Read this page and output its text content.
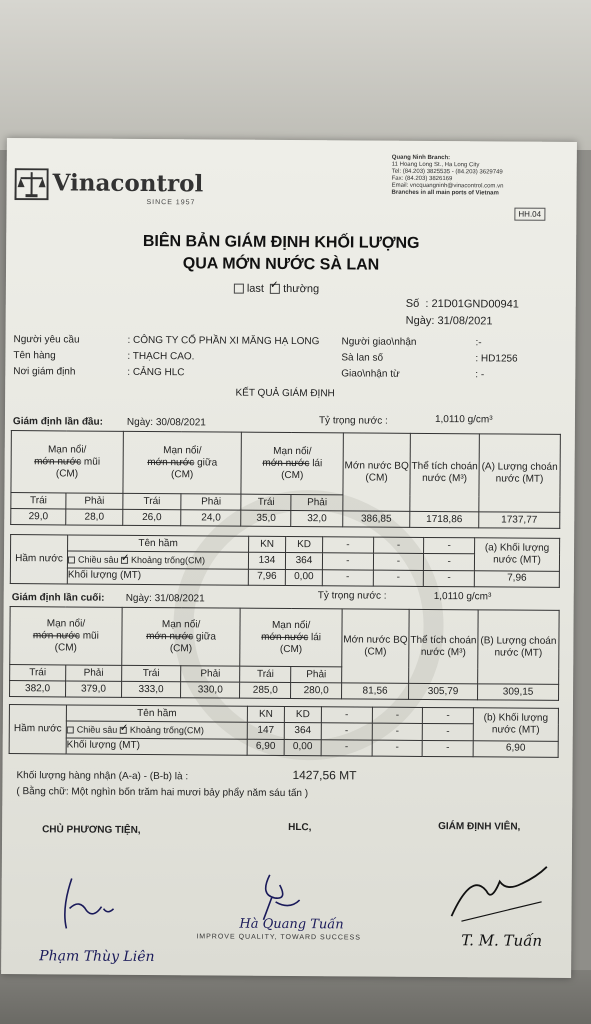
Vinacontrol
SINCE 1957
Quang Ninh Branch:
11 Hoang Long St., Ha Long City
Tel: (84.203) 3825535 - (84.203) 3629749
Fax: (84.203) 3826169
Email: vncquangninh@vinacontrol.com.vn
Branches in all main ports of Vietnam
HH.04
BIÊN BẢN GIÁM ĐỊNH KHỐI LƯỢNG
QUA MỚN NƯỚC SÀ LAN
last ✓ thường
Số  : 21D01GND00941
Ngày: 31/08/2021
Người yêu cầu	: CÔNG TY CỔ PHẦN XI MĂNG HẠ LONG
Tên hàng	: THẠCH CAO.
Nơi giám định	: CẢNG HLC
Người giao\nhận	:-
Sà lan số	: HD1256
Giao\nhận từ	: -
KẾT QUẢ GIÁM ĐỊNH
Giám định lần đầu: Ngày: 30/08/2021	Tỷ trọng nước :	1,0110 g/cm³
Mạn nổi/
mớn nước mũi
(CM)		Mạn nổi/
mớn nước giữa
(CM)		Mạn nổi/
mớn nước lái
(CM)		Mớn nước BQ (CM)	Thể tích choán nước (M³)	(A) Lượng choán nước (MT)
Trái	Phải	Trái	Phải	Trái	Phải			
29,0	28,0	26,0	24,0	35,0	32,0	386,85	1718,86	1737,77
Hầm nước	Tên hầm	KN	KD	-	-	-	(a) Khối lượng nước (MT)
	Chiều sâu ✓ Khoảng trống(CM)	134	364	-	-	-	
	Khối lượng (MT)	7,96	0,00	-	-	-	7,96
Giám định lần cuối: Ngày: 31/08/2021	Tỷ trọng nước :	1,0110 g/cm³
Mạn nổi/
mớn nước mũi
(CM)		Mạn nổi/
mớn nước giữa
(CM)		Mạn nổi/
mớn nước lái
(CM)		Mớn nước BQ (CM)	Thể tích choán nước (M³)	(B) Lượng choán nước (MT)
Trái	Phải	Trái	Phải	Trái	Phải			
382,0	379,0	333,0	330,0	285,0	280,0	81,56	305,79	309,15
Hầm nước	Tên hầm	KN	KD	-	-	-	(b) Khối lượng nước (MT)
	Chiều sâu ✓ Khoảng trống(CM)	147	364	-	-	-	
	Khối lượng (MT)	6,90	0,00	-	-	-	6,90
Khối lượng hàng nhận (A-a) - (B-b) là :	1427,56 MT
( Bằng chữ: Một nghìn bốn trăm hai mươi bảy phẩy năm sáu tấn )
CHỦ PHƯƠNG TIỆN,	HLC,	GIÁM ĐỊNH VIÊN,
Phạm Thùy Liên
Hà Quang Tuấn
T. M. Tuấn
IMPROVE QUALITY, TOWARD SUCCESS
